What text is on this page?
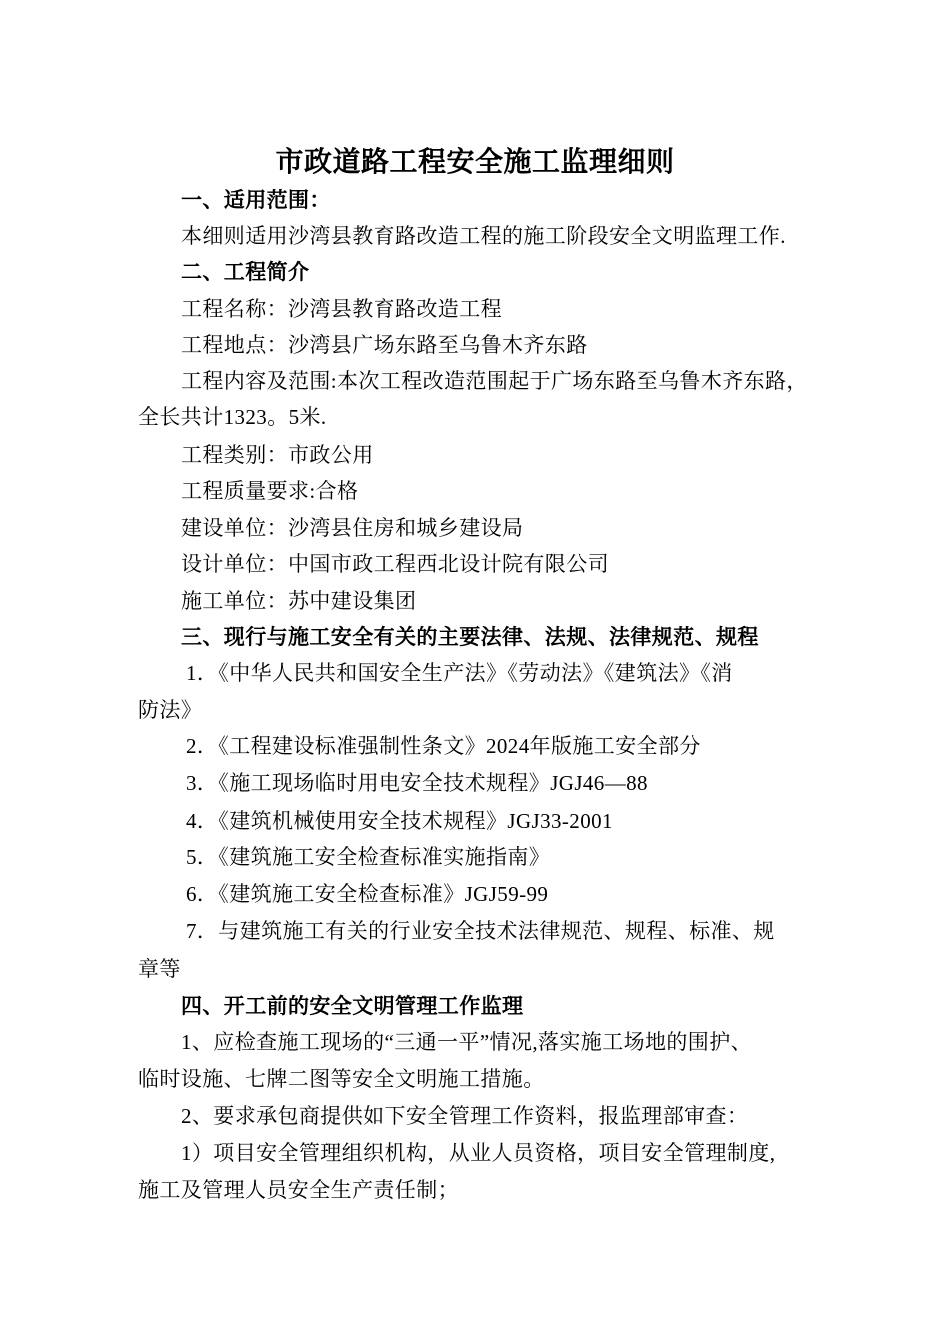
市政道路工程安全施工监理细则
一、适用范围：
本细则适用沙湾县教育路改造工程的施工阶段安全文明监理工作.
二、工程简介
工程名称：沙湾县教育路改造工程
工程地点：沙湾县广场东路至乌鲁木齐东路
工程内容及范围:本次工程改造范围起于广场东路至乌鲁木齐东路，
全长共计1323。5米.
工程类别：市政公用
工程质量要求:合格
建设单位：沙湾县住房和城乡建设局
设计单位：中国市政工程西北设计院有限公司
施工单位：苏中建设集团
三、现行与施工安全有关的主要法律、法规、法律规范、规程
1．《中华人民共和国安全生产法》《劳动法》《建筑法》《消
防法》
2．《工程建设标准强制性条文》2024年版施工安全部分
3．《施工现场临时用电安全技术规程》JGJ46—88
4．《建筑机械使用安全技术规程》JGJ33-2001
5．《建筑施工安全检查标准实施指南》
6．《建筑施工安全检查标准》JGJ59-99
7．与建筑施工有关的行业安全技术法律规范、规程、标准、规
章等
四、开工前的安全文明管理工作监理
1、应检查施工现场的“三通一平”情况,落实施工场地的围护、
临时设施、七牌二图等安全文明施工措施。
2、要求承包商提供如下安全管理工作资料，报监理部审查：
1）项目安全管理组织机构，从业人员资格，项目安全管理制度,
施工及管理人员安全生产责任制；
